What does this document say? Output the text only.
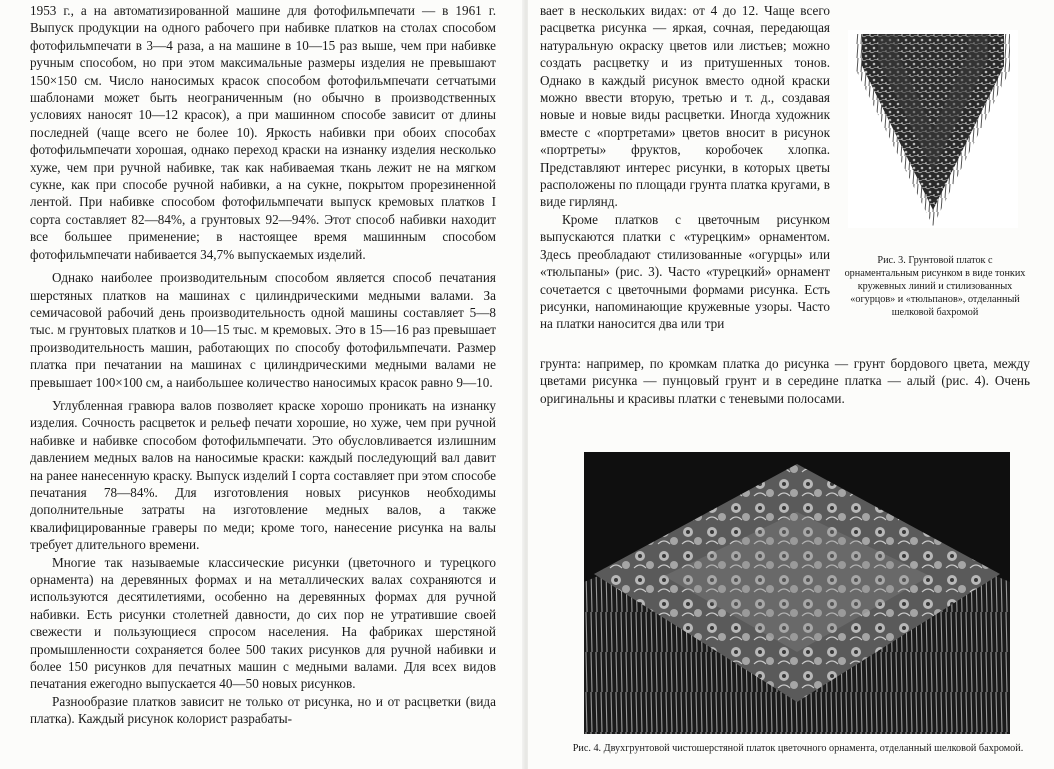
1953 г., а на автоматизированной машине для фотофильмпечати — в 1961 г. Выпуск продукции на одного рабочего при набивке платков на столах способом фотофильмпечати в 3—4 раза, а на машине в 10—15 раз выше, чем при набивке ручным способом, но при этом максимальные размеры изделия не превышают 150×150 см. Число наносимых красок способом фотофильмпечати сетчатыми шаблонами может быть неограниченным (но обычно в производственных условиях наносят 10—12 красок), а при машинном способе зависит от длины последней (чаще всего не более 10). Яркость набивки при обоих способах фотофильмпечати хорошая, однако переход краски на изнанку изделия несколько хуже, чем при ручной набивке, так как набиваемая ткань лежит не на мягком сукне, как при способе ручной набивки, а на сукне, покрытом прорезиненной лентой. При набивке способом фотофильмпечати выпуск кремовых платков I сорта составляет 82—84%, а грунтовых 92—94%. Этот способ набивки находит все большее применение; в настоящее время машинным способом фотофильмпечати набивается 34,7% выпускаемых изделий.

Однако наиболее производительным способом является способ печатания шерстяных платков на машинах с цилиндрическими медными валами. За семичасовой рабочий день производительность одной машины составляет 5—8 тыс. м грунтовых платков и 10—15 тыс. м кремовых. Это в 15—16 раз превышает производительность машин, работающих по способу фотофильмпечати. Размер платка при печатании на машинах с цилиндрическими медными валами не превышает 100×100 см, а наибольшее количество наносимых красок равно 9—10.

Углубленная гравюра валов позволяет краске хорошо проникать на изнанку изделия. Сочность расцветок и рельеф печати хорошие, но хуже, чем при ручной набивке и набивке способом фотофильмпечати. Это обусловливается излишним давлением медных валов на наносимые краски: каждый последующий вал давит на ранее нанесенную краску. Выпуск изделий I сорта составляет при этом способе печатания 78—84%. Для изготовления новых рисунков необходимы дополнительные затраты на изготовление медных валов, а также квалифицированные граверы по меди; кроме того, нанесение рисунка на валы требует длительного времени.

Многие так называемые классические рисунки (цветочного и турецкого орнамента) на деревянных формах и на металлических валах сохраняются и используются десятилетиями, особенно на деревянных формах для ручной набивки. Есть рисунки столетней давности, до сих пор не утратившие своей свежести и пользующиеся спросом населения. На фабриках шерстяной промышленности сохраняется более 500 таких рисунков для ручной набивки и более 150 рисунков для печатных машин с медными валами. Для всех видов печатания ежегодно выпускается 40—50 новых рисунков.

Разнообразие платков зависит не только от рисунка, но и от расцветки (вида платка). Каждый рисунок колорист разрабаты-

вает в нескольких видах: от 4 до 12. Чаще всего расцветка рисунка — яркая, сочная, передающая натуральную окраску цветов или листьев; можно создать расцветку и из притушенных тонов. Однако в каждый рисунок вместо одной краски можно ввести вторую, третью и т. д., создавая новые и новые виды расцветки. Иногда художник вместе с «портретами» цветов вносит в рисунок «портреты» фруктов, коробочек хлопка. Представляют интерес рисунки, в которых цветы расположены по площади грунта платка кругами, в виде гирлянд.

Кроме платков с цветочным рисунком выпускаются платки с «турецким» орнаментом. Здесь преобладают стилизованные «огурцы» или «тюльпаны» (рис. 3). Часто «турецкий» орнамент сочетается с цветочными формами рисунка. Есть рисунки, напоминающие кружевные узоры. Часто на платки наносится два или три

Рис. 3. Грунтовой платок с орнаментальным рисунком в виде тонких кружевных линий и стилизованных «огурцов» и «тюльпанов», отделанный шелковой бахромой

грунта: например, по кромкам платка до рисунка — грунт бордового цвета, между цветами рисунка — пунцовый грунт и в середине платка — алый (рис. 4). Очень оригинальны и красивы платки с теневыми полосами.

Рис. 4. Двухгрунтовой чистошерстяной платок цветочного орнамента, отделанный шелковой бахромой.
